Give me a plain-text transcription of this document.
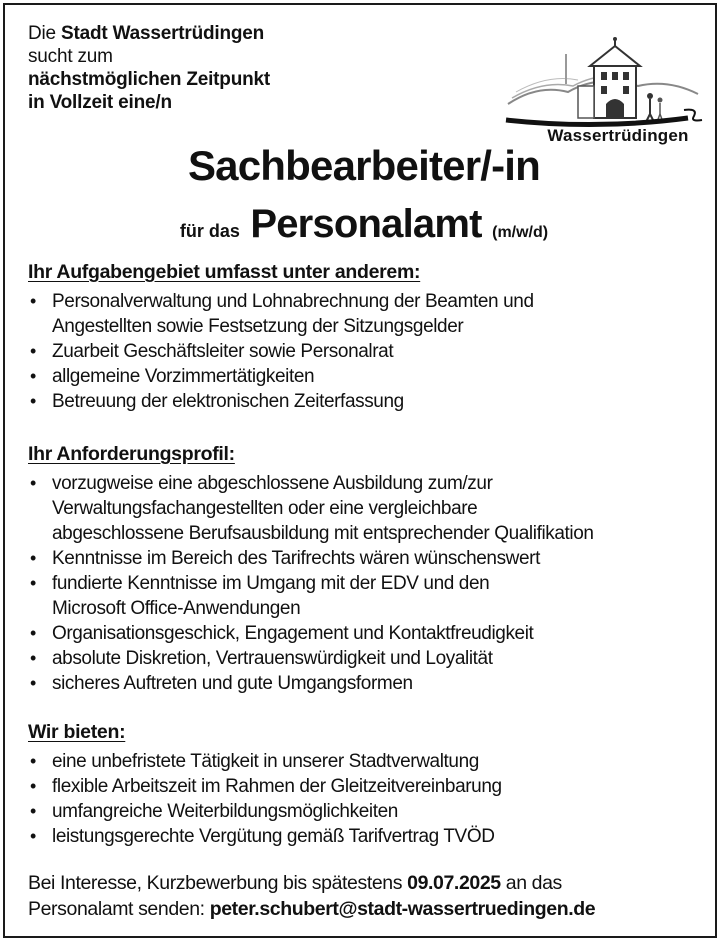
Die Stadt Wassertrüdingen
sucht zum
nächstmöglichen Zeitpunkt
in Vollzeit eine/n
Wassertrüdingen
Sachbearbeiter/-in
für das Personalamt (m/w/d)
Ihr Aufgabengebiet umfasst unter anderem:
• Personalverwaltung und Lohnabrechnung der Beamten und
Angestellten sowie Festsetzung der Sitzungsgelder
• Zuarbeit Geschäftsleiter sowie Personalrat
• allgemeine Vorzimmertätigkeiten
• Betreuung der elektronischen Zeiterfassung
Ihr Anforderungsprofil:
• vorzugweise eine abgeschlossene Ausbildung zum/zur
Verwaltungsfachangestellten oder eine vergleichbare
abgeschlossene Berufsausbildung mit entsprechender Qualifikation
• Kenntnisse im Bereich des Tarifrechts wären wünschenswert
• fundierte Kenntnisse im Umgang mit der EDV und den
Microsoft Office-Anwendungen
• Organisationsgeschick, Engagement und Kontaktfreudigkeit
• absolute Diskretion, Vertrauenswürdigkeit und Loyalität
• sicheres Auftreten und gute Umgangsformen
Wir bieten:
• eine unbefristete Tätigkeit in unserer Stadtverwaltung
• flexible Arbeitszeit im Rahmen der Gleitzeitvereinbarung
• umfangreiche Weiterbildungsmöglichkeiten
• leistungsgerechte Vergütung gemäß Tarifvertrag TVÖD
Bei Interesse, Kurzbewerbung bis spätestens 09.07.2025 an das
Personalamt senden: peter.schubert@stadt-wassertruedingen.de
